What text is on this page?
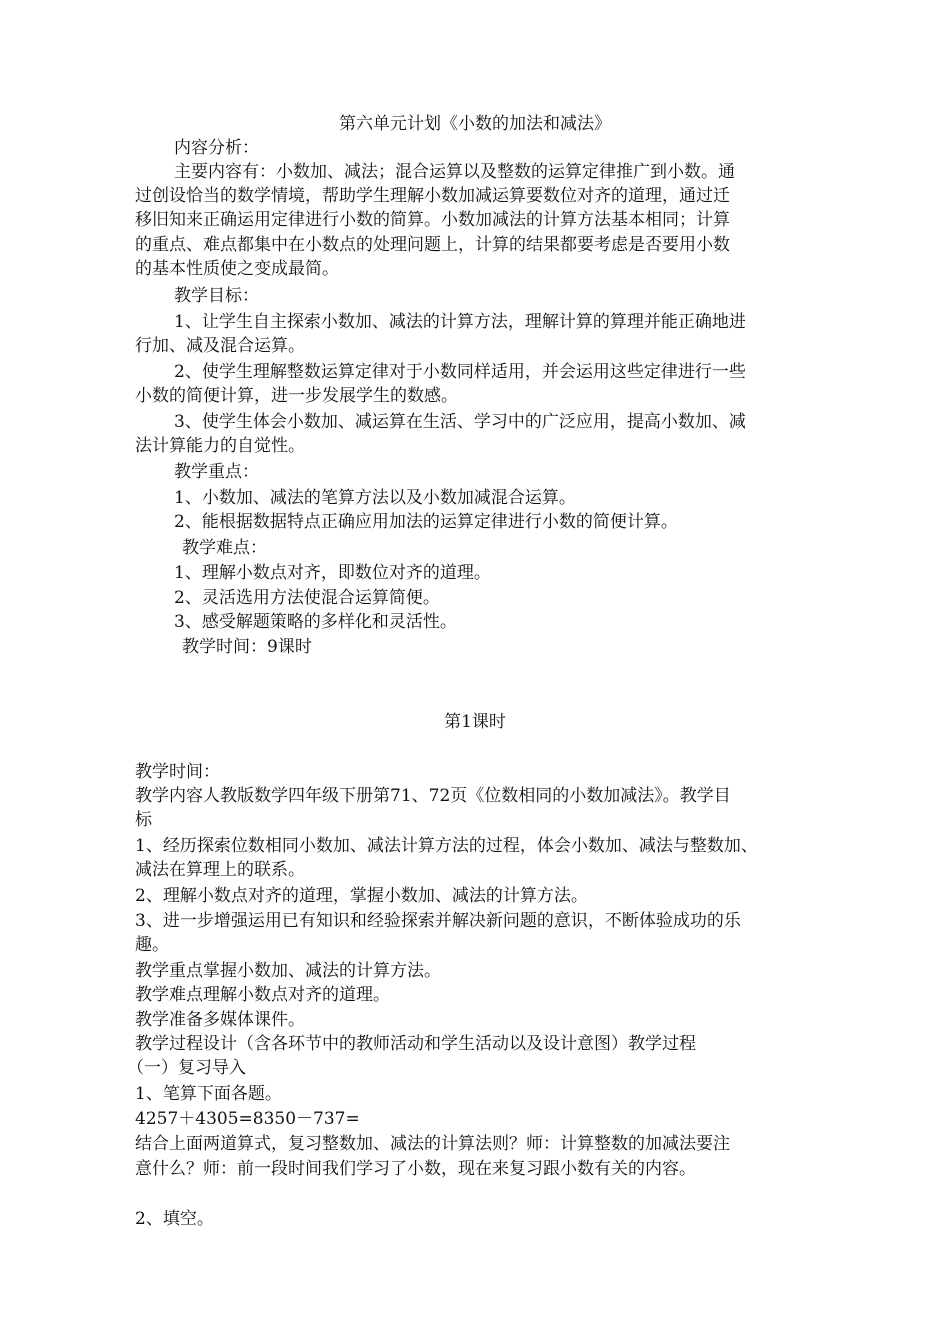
第六单元计划《小数的加法和减法》
内容分析：
主要内容有：小数加、减法；混合运算以及整数的运算定律推广到小数。通
过创设恰当的数学情境，帮助学生理解小数加减运算要数位对齐的道理，通过迁
移旧知来正确运用定律进行小数的简算。小数加减法的计算方法基本相同；计算
的重点、难点都集中在小数点的处理问题上，计算的结果都要考虑是否要用小数
的基本性质使之变成最简。
教学目标：
1、让学生自主探索小数加、减法的计算方法，理解计算的算理并能正确地进
行加、减及混合运算。
2、使学生理解整数运算定律对于小数同样适用，并会运用这些定律进行一些
小数的简便计算，进一步发展学生的数感。
3、使学生体会小数加、减运算在生活、学习中的广泛应用，提高小数加、减
法计算能力的自觉性。
教学重点：
1、小数加、减法的笔算方法以及小数加减混合运算。
2、能根据数据特点正确应用加法的运算定律进行小数的简便计算。
教学难点：
1、理解小数点对齐，即数位对齐的道理。
2、灵活选用方法使混合运算简便。
3、感受解题策略的多样化和灵活性。
教学时间：9课时
第1课时
教学时间：
教学内容人教版数学四年级下册第71、72页《位数相同的小数加减法》。教学目
标
1、经历探索位数相同小数加、减法计算方法的过程，体会小数加、减法与整数加、
减法在算理上的联系。
2、理解小数点对齐的道理，掌握小数加、减法的计算方法。
3、进一步增强运用已有知识和经验探索并解决新问题的意识，不断体验成功的乐
趣。
教学重点掌握小数加、减法的计算方法。
教学难点理解小数点对齐的道理。
教学准备多媒体课件。
教学过程设计（含各环节中的教师活动和学生活动以及设计意图）教学过程
（一）复习导入
1、笔算下面各题。
4257＋4305=8350－737=
结合上面两道算式，复习整数加、减法的计算法则？师：计算整数的加减法要注
意什么？师：前一段时间我们学习了小数，现在来复习跟小数有关的内容。
2、填空。
